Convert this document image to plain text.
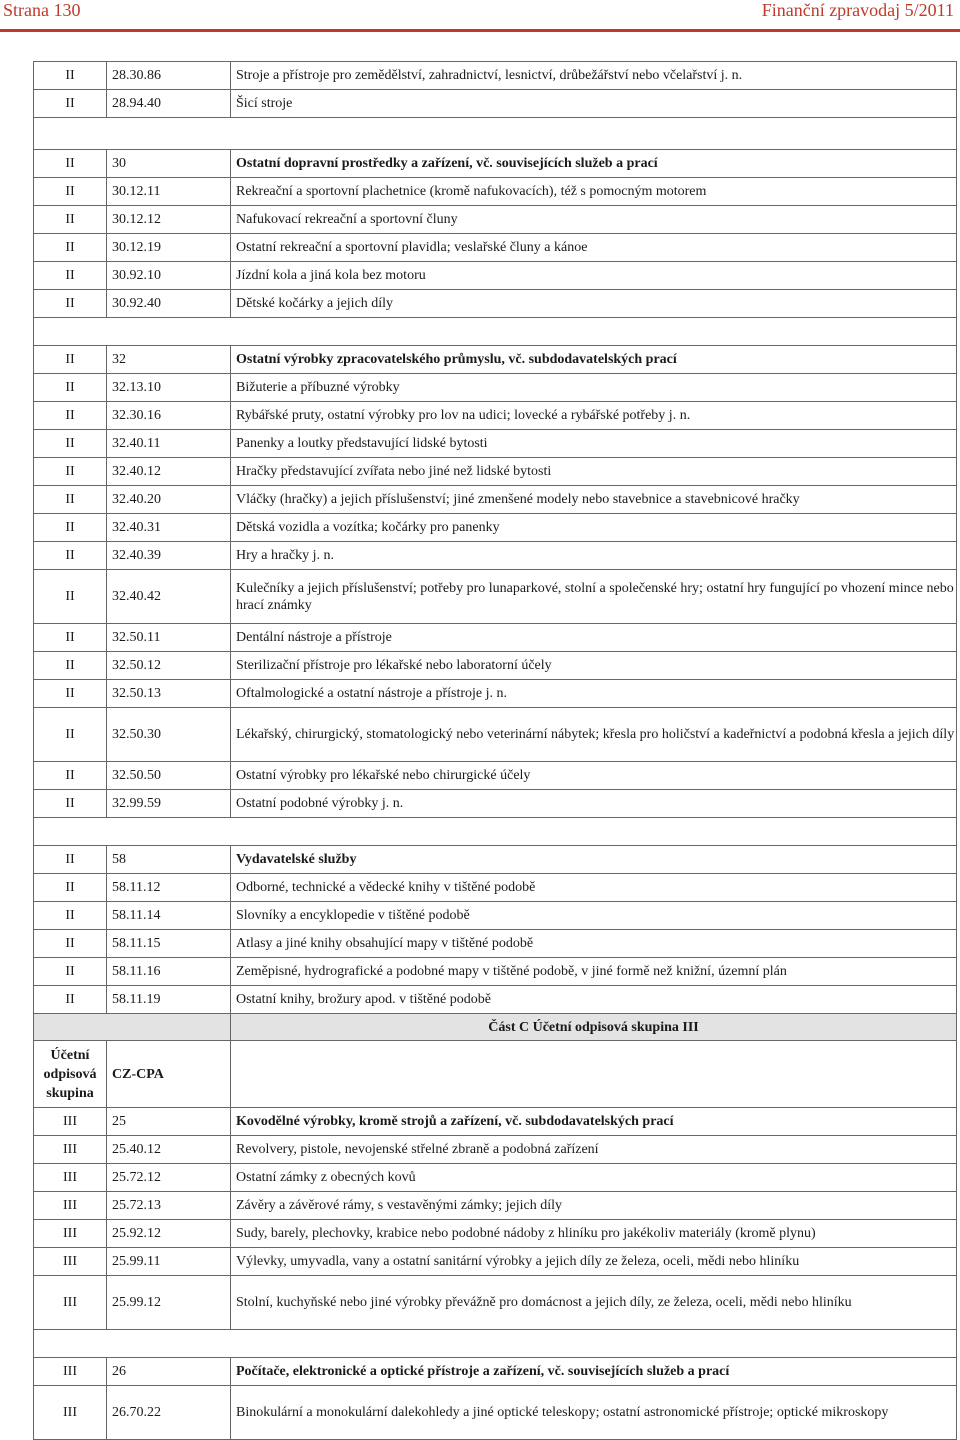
Strana 130	Finanční zpravodaj 5/2011
II	28.30.86	Stroje a přístroje pro zemědělství, zahradnictví, lesnictví, drůbežářství nebo včelařství j. n.
II	28.94.40	Šicí stroje

II	30	Ostatní dopravní prostředky a zařízení, vč. souvisejících služeb a prací
II	30.12.11	Rekreační a sportovní plachetnice (kromě nafukovacích), též s pomocným motorem
II	30.12.12	Nafukovací rekreační a sportovní čluny
II	30.12.19	Ostatní rekreační a sportovní plavidla; veslařské čluny a kánoe
II	30.92.10	Jízdní kola a jiná kola bez motoru
II	30.92.40	Dětské kočárky a jejich díly

II	32	Ostatní výrobky zpracovatelského průmyslu, vč. subdodavatelských prací
II	32.13.10	Bižuterie a příbuzné výrobky
II	32.30.16	Rybářské pruty, ostatní výrobky pro lov na udici; lovecké a rybářské potřeby j. n.
II	32.40.11	Panenky a loutky představující lidské bytosti
II	32.40.12	Hračky představující zvířata nebo jiné než lidské bytosti
II	32.40.20	Vláčky (hračky) a jejich příslušenství; jiné zmenšené modely nebo stavebnice a stavebnicové hračky
II	32.40.31	Dětská vozidla a vozítka; kočárky pro panenky
II	32.40.39	Hry a hračky j. n.
II	32.40.42	Kulečníky a jejich příslušenství; potřeby pro lunaparkové, stolní a společenské hry; ostatní hry fungující po vhození mince nebo hrací známky
II	32.50.11	Dentální nástroje a přístroje
II	32.50.12	Sterilizační přístroje pro lékařské nebo laboratorní účely
II	32.50.13	Oftalmologické a ostatní nástroje a přístroje j. n.
II	32.50.30	Lékařský, chirurgický, stomatologický nebo veterinární nábytek; křesla pro holičství a kadeřnictví a podobná křesla a jejich díly
II	32.50.50	Ostatní výrobky pro lékařské nebo chirurgické účely
II	32.99.59	Ostatní podobné výrobky j. n.

II	58	Vydavatelské služby
II	58.11.12	Odborné, technické a vědecké knihy v tištěné podobě
II	58.11.14	Slovníky a encyklopedie v tištěné podobě
II	58.11.15	Atlasy a jiné knihy obsahující mapy v tištěné podobě
II	58.11.16	Zeměpisné, hydrografické a podobné mapy v tištěné podobě, v jiné formě než knižní, územní plán
II	58.11.19	Ostatní knihy, brožury apod. v tištěné podobě
		Část C Účetní odpisová skupina III
Účetní odpisová skupina	CZ-CPA	
III	25	Kovodělné výrobky, kromě strojů a zařízení, vč. subdodavatelských prací
III	25.40.12	Revolvery, pistole, nevojenské střelné zbraně a podobná zařízení
III	25.72.12	Ostatní zámky z obecných kovů
III	25.72.13	Závěry a závěrové rámy, s vestavěnými zámky; jejich díly
III	25.92.12	Sudy, barely, plechovky, krabice nebo podobné nádoby z hliníku pro jakékoliv materiály (kromě plynu)
III	25.99.11	Výlevky, umyvadla, vany a ostatní sanitární výrobky a jejich díly ze železa, oceli, mědi nebo hliníku
III	25.99.12	Stolní, kuchyňské nebo jiné výrobky převážně pro domácnost a jejich díly, ze železa, oceli, mědi nebo hliníku

III	26	Počítače, elektronické a optické přístroje a zařízení, vč. souvisejících služeb a prací
III	26.70.22	Binokulární a monokulární dalekohledy a jiné optické teleskopy; ostatní astronomické přístroje; optické mikroskopy
